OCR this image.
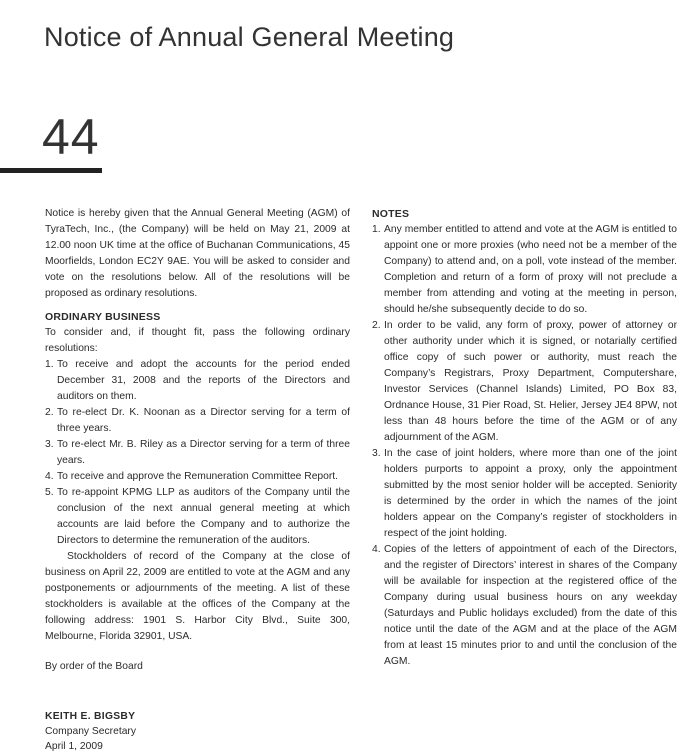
Notice of Annual General Meeting
44

Notice is hereby given that the Annual General Meeting (AGM) of TyraTech, Inc., (the Company) will be held on May 21, 2009 at 12.00 noon UK time at the office of Buchanan Communications, 45 Moorfields, London EC2Y 9AE. You will be asked to consider and vote on the resolutions below. All of the resolutions will be proposed as ordinary resolutions.

ORDINARY BUSINESS

To consider and, if thought fit, pass the following ordinary resolutions:

1. To receive and adopt the accounts for the period ended December 31, 2008 and the reports of the Directors and auditors on them.
2. To re-elect Dr. K. Noonan as a Director serving for a term of three years.
3. To re-elect Mr. B. Riley as a Director serving for a term of three years.
4. To receive and approve the Remuneration Committee Report.
5. To re-appoint KPMG LLP as auditors of the Company until the conclusion of the next annual general meeting at which accounts are laid before the Company and to authorize the Directors to determine the remuneration of the auditors.

Stockholders of record of the Company at the close of business on April 22, 2009 are entitled to vote at the AGM and any postponements or adjournments of the meeting. A list of these stockholders is available at the offices of the Company at the following address: 1901 S. Harbor City Blvd., Suite 300, Melbourne, Florida 32901, USA.

By order of the Board

KEITH E. BIGSBY
Company Secretary
April 1, 2009
NOTES
1. Any member entitled to attend and vote at the AGM is entitled to appoint one or more proxies (who need not be a member of the Company) to attend and, on a poll, vote instead of the member. Completion and return of a form of proxy will not preclude a member from attending and voting at the meeting in person, should he/she subsequently decide to do so.
2. In order to be valid, any form of proxy, power of attorney or other authority under which it is signed, or notarially certified office copy of such power or authority, must reach the Company’s Registrars, Proxy Department, Computershare, Investor Services (Channel Islands) Limited, PO Box 83, Ordnance House, 31 Pier Road, St. Helier, Jersey JE4 8PW, not less than 48 hours before the time of the AGM or of any adjournment of the AGM.
3. In the case of joint holders, where more than one of the joint holders purports to appoint a proxy, only the appointment submitted by the most senior holder will be accepted. Seniority is determined by the order in which the names of the joint holders appear on the Company’s register of stockholders in respect of the joint holding.
4. Copies of the letters of appointment of each of the Directors, and the register of Directors’ interest in shares of the Company will be available for inspection at the registered office of the Company during usual business hours on any weekday (Saturdays and Public holidays excluded) from the date of this notice until the date of the AGM and at the place of the AGM from at least 15 minutes prior to and until the conclusion of the AGM.
